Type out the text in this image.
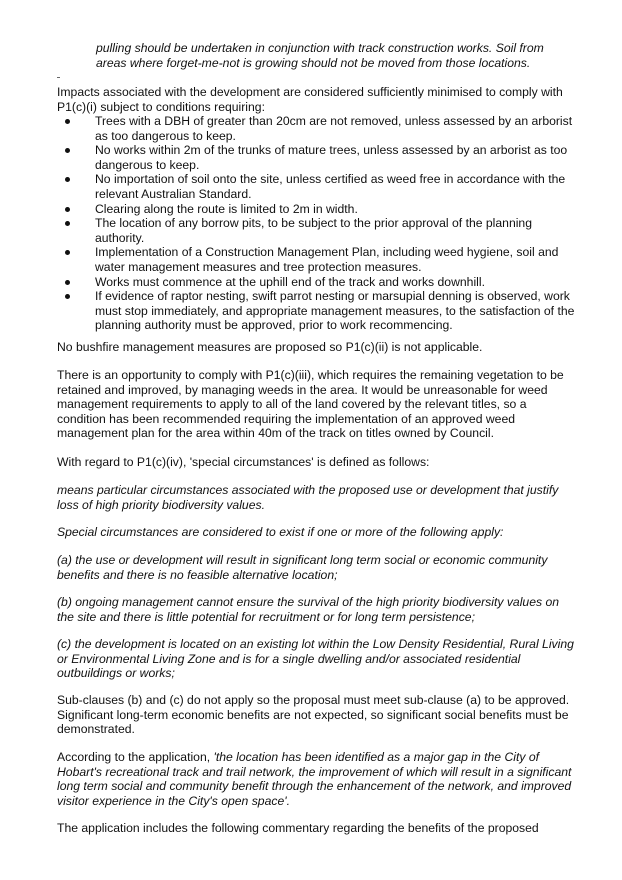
pulling should be undertaken in conjunction with track construction works. Soil from areas where forget-me-not is growing should not be moved from those locations.

Impacts associated with the development are considered sufficiently minimised to comply with P1(c)(i) subject to conditions requiring:

Trees with a DBH of greater than 20cm are not removed, unless assessed by an arborist as too dangerous to keep.
No works within 2m of the trunks of mature trees, unless assessed by an arborist as too dangerous to keep.
No importation of soil onto the site, unless certified as weed free in accordance with the relevant Australian Standard.
Clearing along the route is limited to 2m in width.
The location of any borrow pits, to be subject to the prior approval of the planning authority.
Implementation of a Construction Management Plan, including weed hygiene, soil and water management measures and tree protection measures.
Works must commence at the uphill end of the track and works downhill.
If evidence of raptor nesting, swift parrot nesting or marsupial denning is observed, work must stop immediately, and appropriate management measures, to the satisfaction of the planning authority must be approved, prior to work recommencing.

No bushfire management measures are proposed so P1(c)(ii) is not applicable.

There is an opportunity to comply with P1(c)(iii), which requires the remaining vegetation to be retained and improved, by managing weeds in the area. It would be unreasonable for weed management requirements to apply to all of the land covered by the relevant titles, so a condition has been recommended requiring the implementation of an approved weed management plan for the area within 40m of the track on titles owned by Council.

With regard to P1(c)(iv), 'special circumstances' is defined as follows:

means particular circumstances associated with the proposed use or development that justify loss of high priority biodiversity values.

Special circumstances are considered to exist if one or more of the following apply:

(a) the use or development will result in significant long term social or economic community benefits and there is no feasible alternative location;

(b) ongoing management cannot ensure the survival of the high priority biodiversity values on the site and there is little potential for recruitment or for long term persistence;

(c) the development is located on an existing lot within the Low Density Residential, Rural Living or Environmental Living Zone and is for a single dwelling and/or associated residential outbuildings or works;

Sub-clauses (b) and (c) do not apply so the proposal must meet sub-clause (a) to be approved. Significant long-term economic benefits are not expected, so significant social benefits must be demonstrated.

According to the application, 'the location has been identified as a major gap in the City of Hobart's recreational track and trail network, the improvement of which will result in a significant long term social and community benefit through the enhancement of the network, and improved visitor experience in the City's open space'.

The application includes the following commentary regarding the benefits of the proposed
